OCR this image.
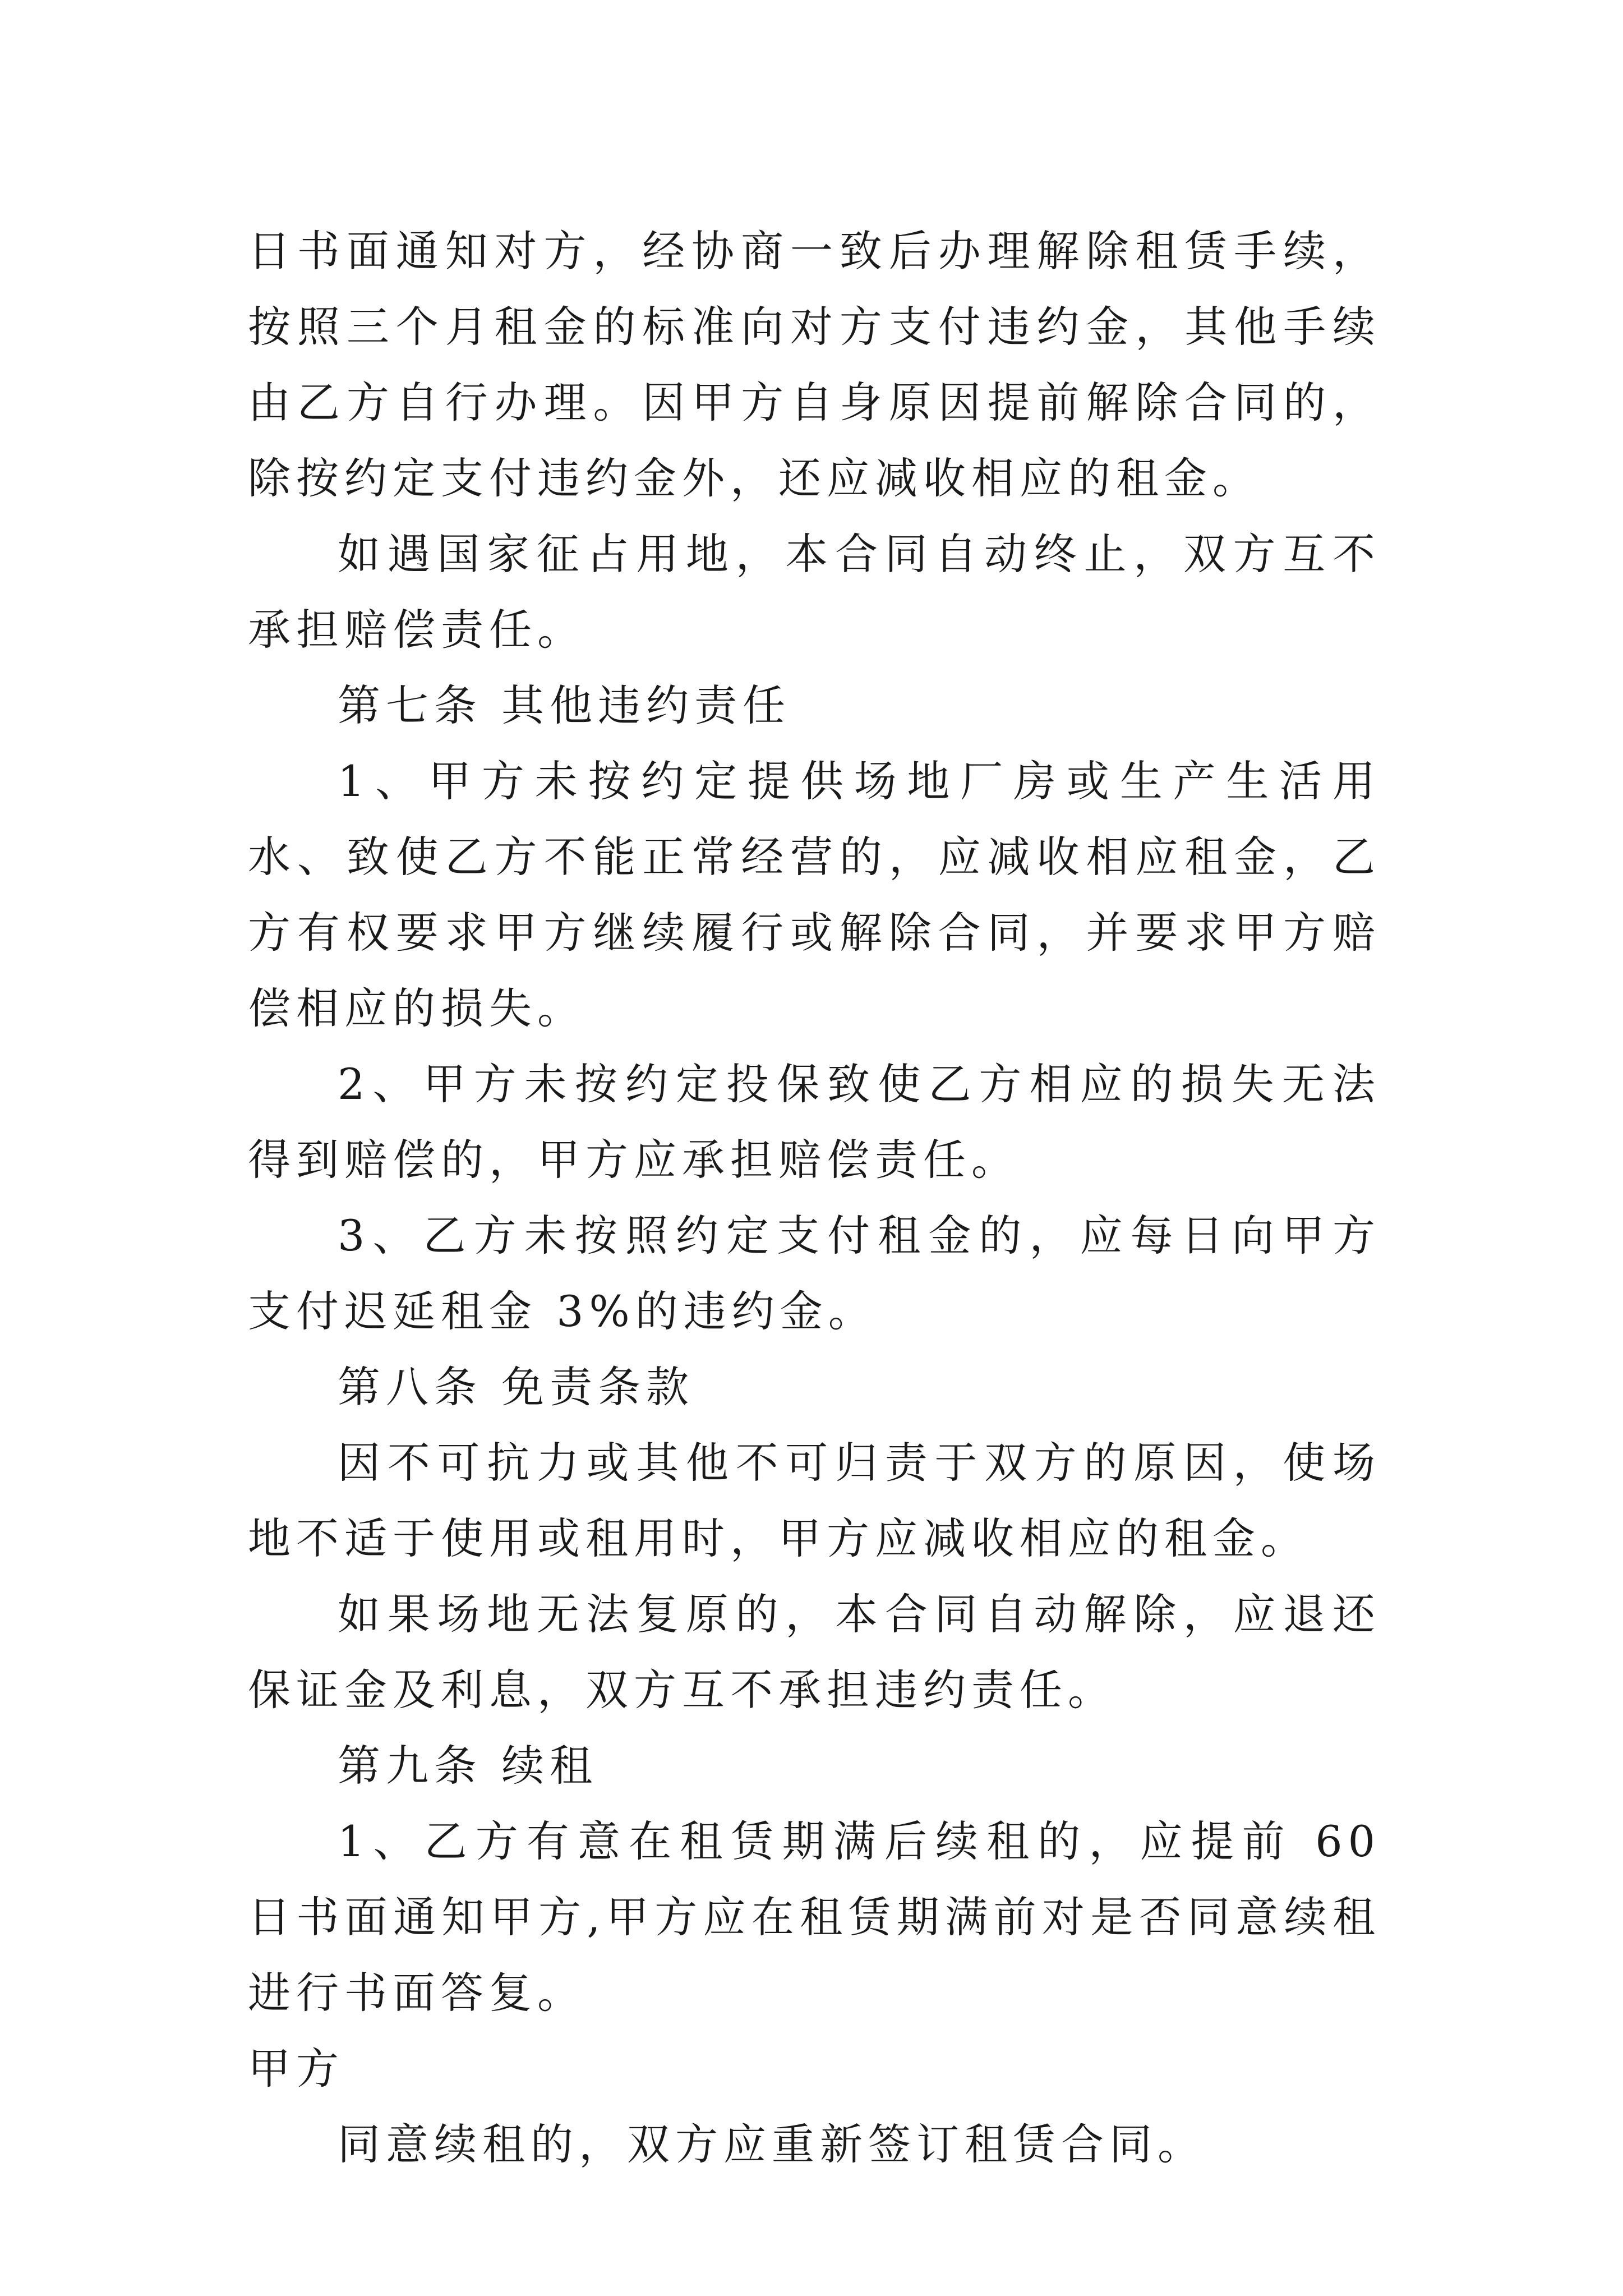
日书面通知对方，经协商一致后办理解除租赁手续，按照三个月租金的标准向对方支付违约金，其他手续由乙方自行办理。因甲方自身原因提前解除合同的，除按约定支付违约金外，还应减收相应的租金。

如遇国家征占用地，本合同自动终止，双方互不承担赔偿责任。

第七条 其他违约责任

1、甲方未按约定提供场地厂房或生产生活用水、致使乙方不能正常经营的，应减收相应租金，乙方有权要求甲方继续履行或解除合同，并要求甲方赔偿相应的损失。

2、甲方未按约定投保致使乙方相应的损失无法得到赔偿的，甲方应承担赔偿责任。

3、乙方未按照约定支付租金的，应每日向甲方支付迟延租金 3%的违约金。

第八条 免责条款

因不可抗力或其他不可归责于双方的原因，使场地不适于使用或租用时，甲方应减收相应的租金。

如果场地无法复原的，本合同自动解除，应退还保证金及利息，双方互不承担违约责任。

第九条 续租

1、乙方有意在租赁期满后续租的，应提前 60 日书面通知甲方,甲方应在租赁期满前对是否同意续租进行书面答复。

甲方

同意续租的，双方应重新签订租赁合同。
